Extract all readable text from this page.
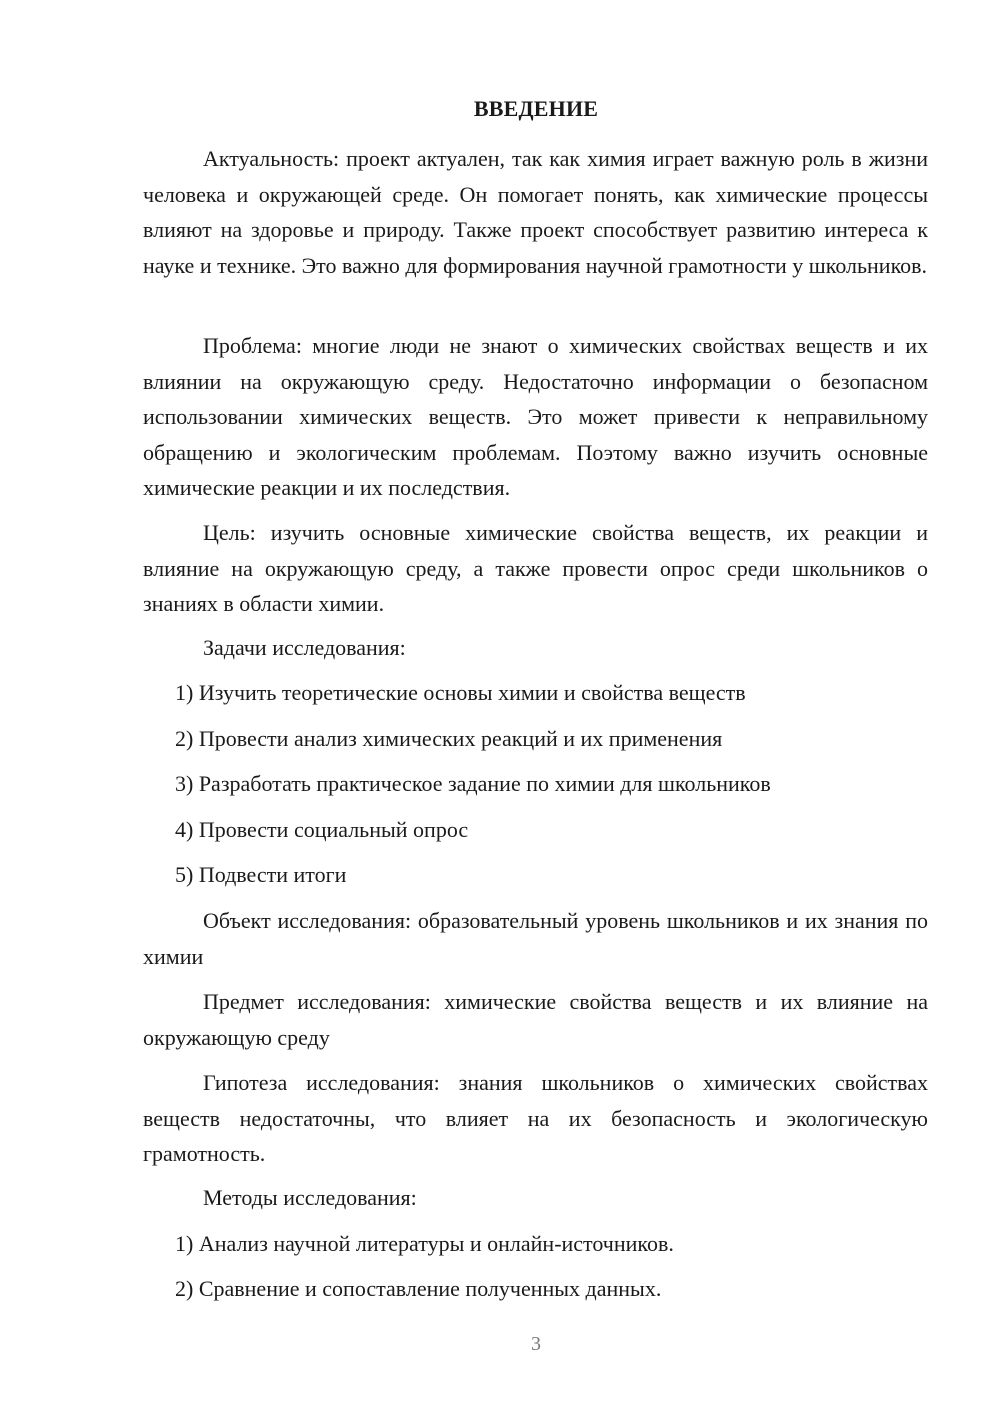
ВВЕДЕНИЕ

Актуальность: проект актуален, так как химия играет важную роль в жизни человека и окружающей среде. Он помогает понять, как химические процессы влияют на здоровье и природу. Также проект способствует развитию интереса к науке и технике. Это важно для формирования научной грамотности у школьников.

Проблема: многие люди не знают о химических свойствах веществ и их влиянии на окружающую среду. Недостаточно информации о безопасном использовании химических веществ. Это может привести к неправильному обращению и экологическим проблемам. Поэтому важно изучить основные химические реакции и их последствия.

Цель: изучить основные химические свойства веществ, их реакции и влияние на окружающую среду, а также провести опрос среди школьников о знаниях в области химии.

Задачи исследования:

1) Изучить теоретические основы химии и свойства веществ

2) Провести анализ химических реакций и их применения

3) Разработать практическое задание по химии для школьников

4) Провести социальный опрос

5) Подвести итоги

Объект исследования: образовательный уровень школьников и их знания по химии

Предмет исследования: химические свойства веществ и их влияние на окружающую среду

Гипотеза исследования: знания школьников о химических свойствах веществ недостаточны, что влияет на их безопасность и экологическую грамотность.

Методы исследования:

1) Анализ научной литературы и онлайн-источников.

2) Сравнение и сопоставление полученных данных.

3
